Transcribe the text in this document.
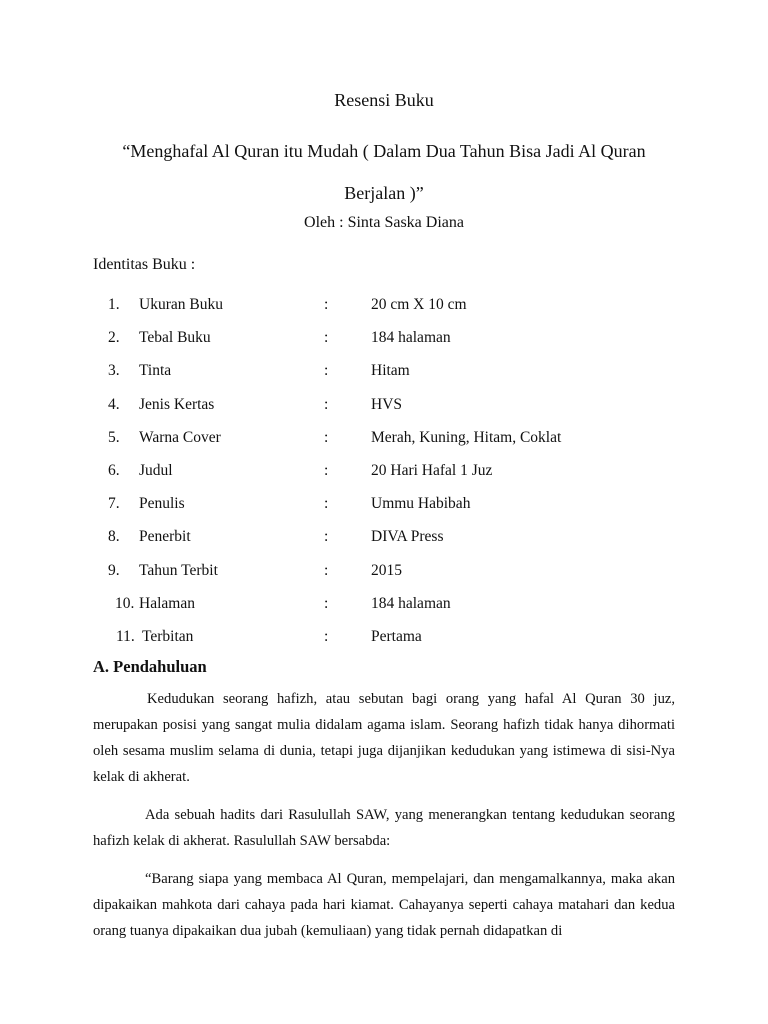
Resensi Buku
“Menghafal Al Quran itu Mudah ( Dalam Dua Tahun Bisa Jadi Al Quran Berjalan )”
Oleh : Sinta Saska Diana
Identitas Buku :
1.	Ukuran Buku	:	20 cm X 10 cm
2.	Tebal Buku	:	184 halaman
3.	Tinta	:	Hitam
4.	Jenis Kertas	:	HVS
5.	Warna Cover	:	Merah, Kuning, Hitam, Coklat
6.	Judul	:	20 Hari Hafal 1 Juz
7.	Penulis	:	Ummu Habibah
8.	Penerbit	:	DIVA Press
9.	Tahun Terbit	:	2015
10. Halaman	:	184 halaman
11. Terbitan	:	Pertama
A. Pendahuluan

Kedudukan seorang hafizh, atau sebutan bagi orang yang hafal Al Quran 30 juz, merupakan posisi yang sangat mulia didalam agama islam. Seorang hafizh tidak hanya dihormati oleh sesama muslim selama di dunia, tetapi juga dijanjikan kedudukan yang istimewa di sisi-Nya kelak di akherat.

Ada sebuah hadits dari Rasulullah SAW, yang menerangkan tentang kedudukan seorang hafizh kelak di akherat. Rasulullah SAW bersabda:

“Barang siapa yang membaca Al Quran, mempelajari, dan mengamalkannya, maka akan dipakaikan mahkota dari cahaya pada hari kiamat. Cahayanya seperti cahaya matahari dan kedua orang tuanya dipakaikan dua jubah (kemuliaan) yang tidak pernah didapatkan di
